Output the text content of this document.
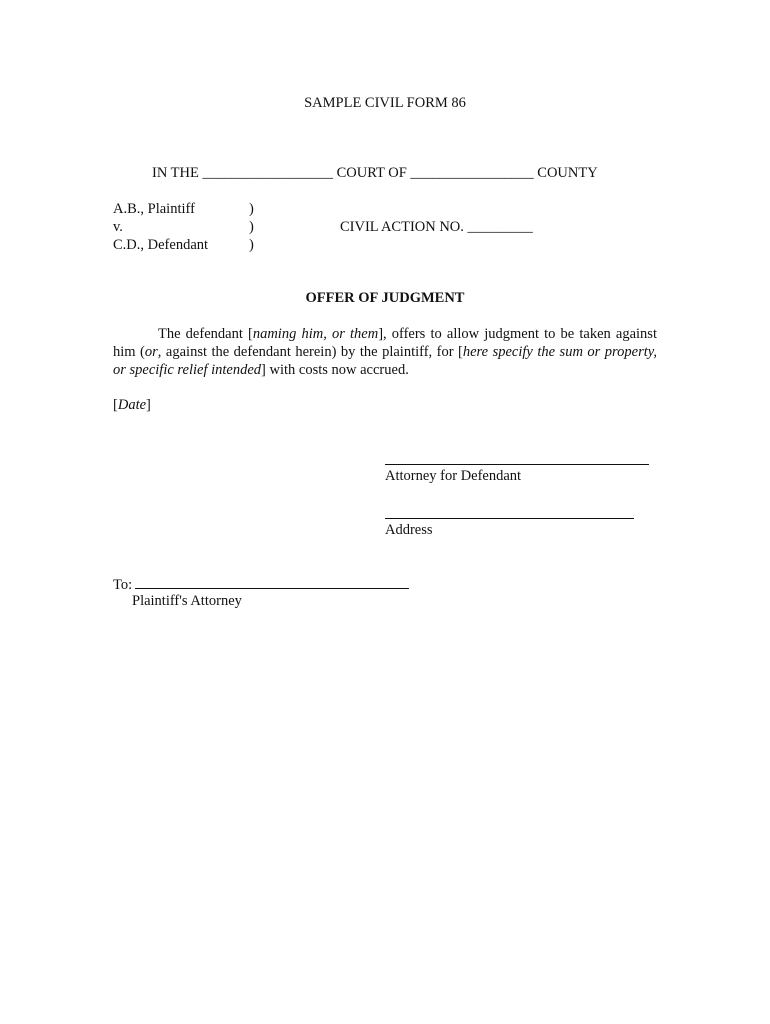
SAMPLE CIVIL FORM 86
IN THE __________________ COURT OF _________________ COUNTY
A.B., Plaintiff
v.
C.D., Defendant
)
)
)
CIVIL ACTION NO. _________
OFFER OF JUDGMENT
The defendant [naming him, or them], offers to allow judgment to be taken against him (or, against the defendant herein) by the plaintiff, for [here specify the sum or property, or specific relief intended] with costs now accrued.
[Date]
Attorney for Defendant
Address
To:
Plaintiff's Attorney
